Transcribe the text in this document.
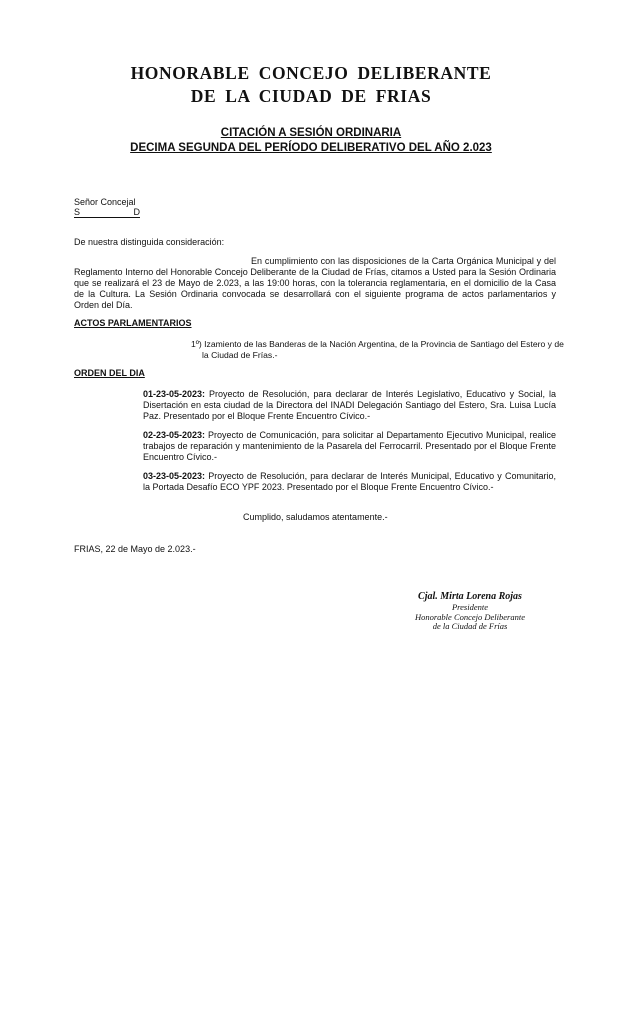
HONORABLE CONCEJO DELIBERANTE
DE LA CIUDAD DE FRIAS
CITACIÓN A SESIÓN ORDINARIA
DECIMA SEGUNDA DEL PERÍODO DELIBERATIVO DEL AÑO 2.023
Señor Concejal
S	D
De nuestra distinguida consideración:
En cumplimiento con las disposiciones de la Carta Orgánica Municipal y del Reglamento Interno del Honorable Concejo Deliberante de la Ciudad de Frías, citamos a Usted para la Sesión Ordinaria que se realizará el 23 de Mayo de 2.023, a las 19:00 horas, con la tolerancia reglamentaria, en el domicilio de la Casa de la Cultura. La Sesión Ordinaria convocada se desarrollará con el siguiente programa de actos parlamentarios y Orden del Día.
ACTOS PARLAMENTARIOS
1º) Izamiento de las Banderas de la Nación Argentina, de la Provincia de Santiago del Estero y de la Ciudad de Frías.-
ORDEN DEL DIA
01-23-05-2023: Proyecto de Resolución, para declarar de Interés Legislativo, Educativo y Social, la Disertación en esta ciudad de la Directora del INADI Delegación Santiago del Estero, Sra. Luisa Lucía Paz. Presentado por el Bloque Frente Encuentro Cívico.-
02-23-05-2023: Proyecto de Comunicación, para solicitar al Departamento Ejecutivo Municipal, realice trabajos de reparación y mantenimiento de la Pasarela del Ferrocarril. Presentado por el Bloque Frente Encuentro Cívico.-
03-23-05-2023: Proyecto de Resolución, para declarar de Interés Municipal, Educativo y Comunitario, la Portada Desafío ECO YPF 2023. Presentado por el Bloque Frente Encuentro Cívico.-
Cumplido, saludamos atentamente.-
FRIAS, 22 de Mayo de 2.023.-
Cjal. Mirta Lorena Rojas
Presidente
Honorable Concejo Deliberante
de la Ciudad de Frías
